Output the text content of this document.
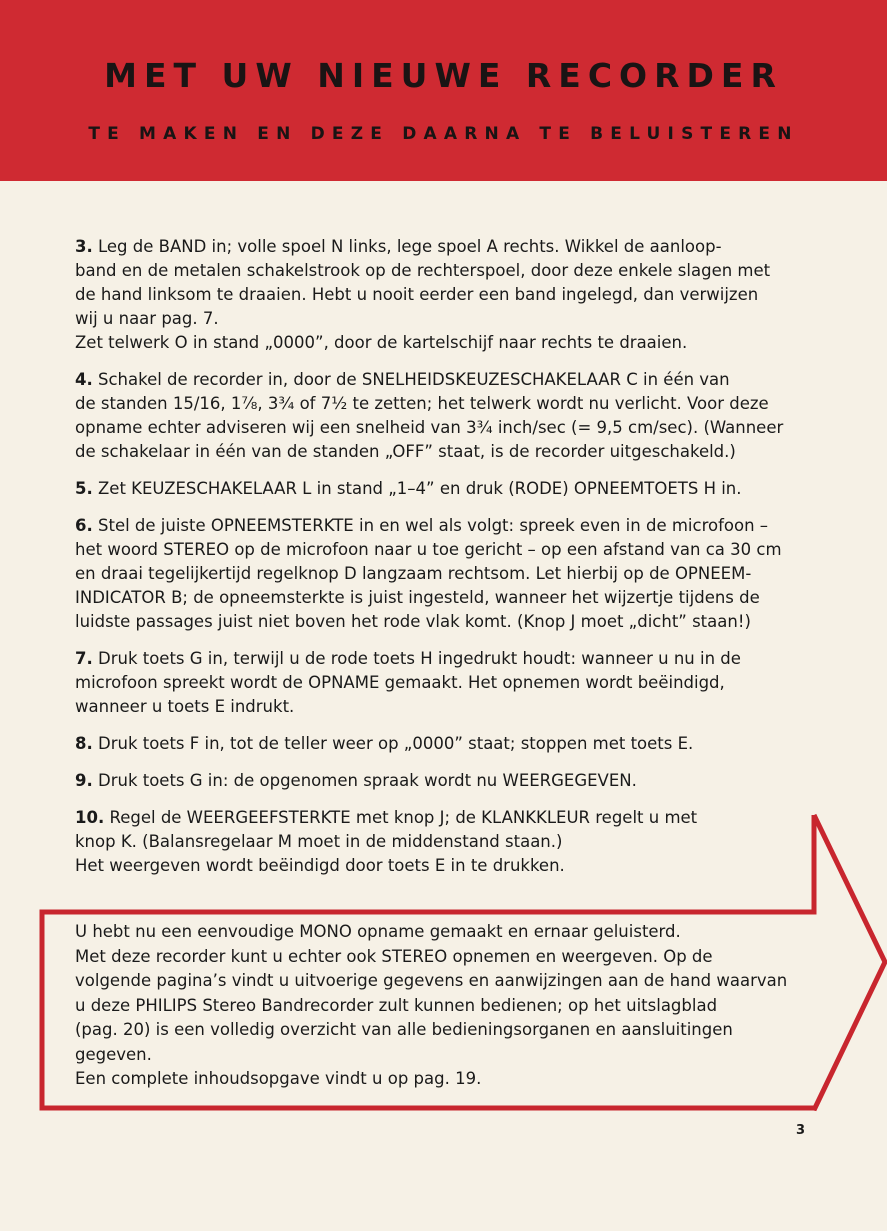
MET UW NIEUWE RECORDER
TE MAKEN EN DEZE DAARNA TE BELUISTEREN
3. Leg de BAND in; volle spoel N links, lege spoel A rechts. Wikkel de aanloop-
band en de metalen schakelstrook op de rechterspoel, door deze enkele slagen met
de hand linksom te draaien. Hebt u nooit eerder een band ingelegd, dan verwijzen
wij u naar pag. 7.
Zet telwerk O in stand „0000”, door de kartelschijf naar rechts te draaien.
4. Schakel de recorder in, door de SNELHEIDSKEUZESCHAKELAAR C in één van
de standen 15/16, 1⅞, 3¾ of 7½ te zetten; het telwerk wordt nu verlicht. Voor deze
opname echter adviseren wij een snelheid van 3¾ inch/sec (= 9,5 cm/sec). (Wanneer
de schakelaar in één van de standen „OFF” staat, is de recorder uitgeschakeld.)
5. Zet KEUZESCHAKELAAR L in stand „1–4” en druk (RODE) OPNEEMTOETS H in.
6. Stel de juiste OPNEEMSTERKTE in en wel als volgt: spreek even in de microfoon –
het woord STEREO op de microfoon naar u toe gericht – op een afstand van ca 30 cm
en draai tegelijkertijd regelknop D langzaam rechtsom. Let hierbij op de OPNEEM-
INDICATOR B; de opneemsterkte is juist ingesteld, wanneer het wijzertje tijdens de
luidste passages juist niet boven het rode vlak komt. (Knop J moet „dicht” staan!)
7. Druk toets G in, terwijl u de rode toets H ingedrukt houdt: wanneer u nu in de
microfoon spreekt wordt de OPNAME gemaakt. Het opnemen wordt beëindigd,
wanneer u toets E indrukt.
8. Druk toets F in, tot de teller weer op „0000” staat; stoppen met toets E.
9. Druk toets G in: de opgenomen spraak wordt nu WEERGEGEVEN.
10. Regel de WEERGEEFSTERKTE met knop J; de KLANKKLEUR regelt u met
knop K. (Balansregelaar M moet in de middenstand staan.)
Het weergeven wordt beëindigd door toets E in te drukken.
U hebt nu een eenvoudige MONO opname gemaakt en ernaar geluisterd.
Met deze recorder kunt u echter ook STEREO opnemen en weergeven. Op de
volgende pagina’s vindt u uitvoerige gegevens en aanwijzingen aan de hand waarvan
u deze PHILIPS Stereo Bandrecorder zult kunnen bedienen; op het uitslagblad
(pag. 20) is een volledig overzicht van alle bedieningsorganen en aansluitingen
gegeven.
Een complete inhoudsopgave vindt u op pag. 19.
3
